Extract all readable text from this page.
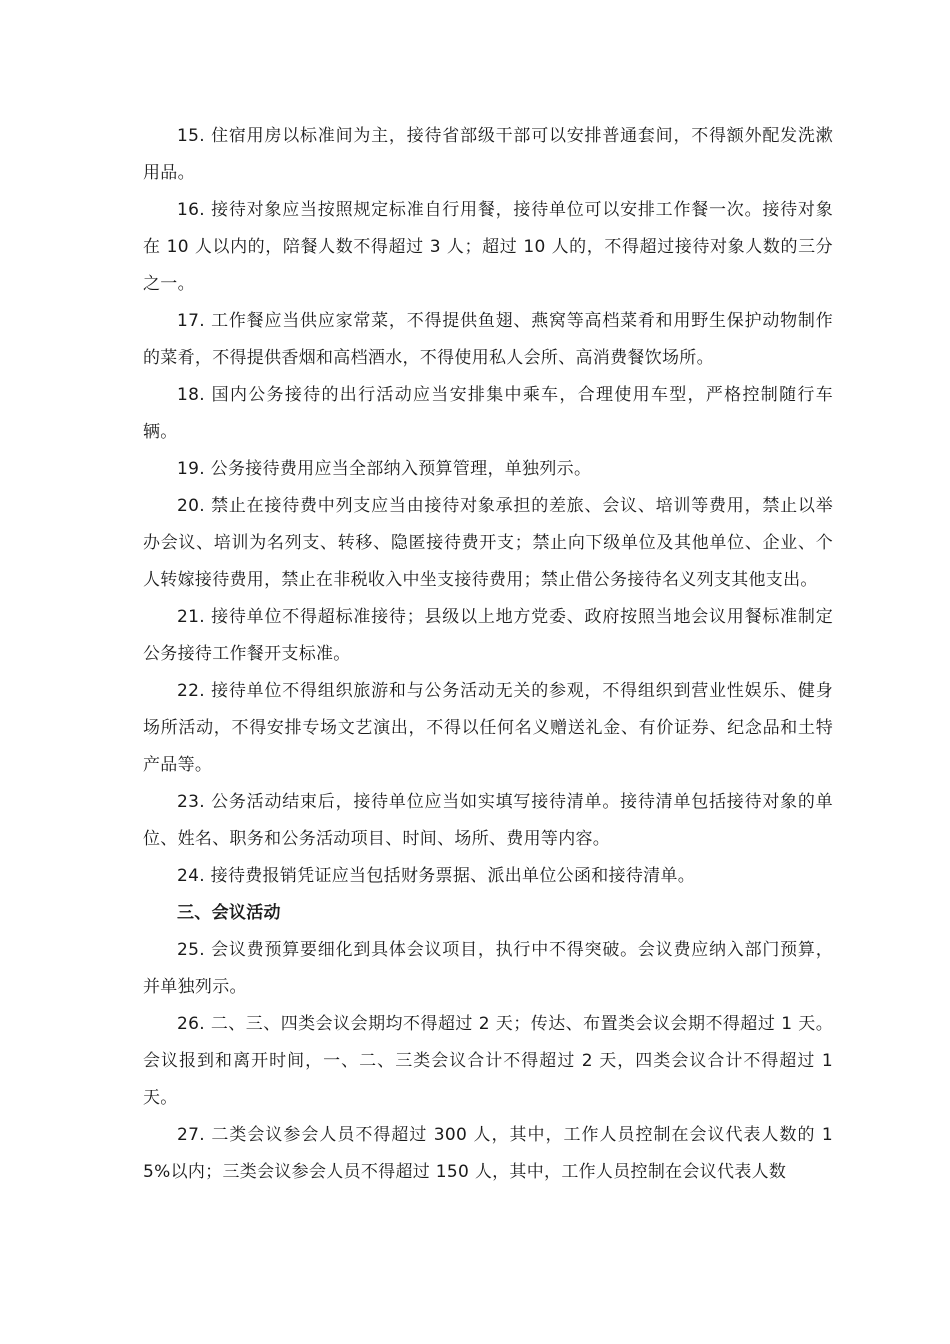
15. 住宿用房以标准间为主，接待省部级干部可以安排普通套间，不得额外配发洗漱用品。

16. 接待对象应当按照规定标准自行用餐，接待单位可以安排工作餐一次。接待对象在 10 人以内的，陪餐人数不得超过 3 人；超过 10 人的，不得超过接待对象人数的三分之一。

17. 工作餐应当供应家常菜，不得提供鱼翅、燕窝等高档菜肴和用野生保护动物制作的菜肴，不得提供香烟和高档酒水，不得使用私人会所、高消费餐饮场所。

18. 国内公务接待的出行活动应当安排集中乘车，合理使用车型，严格控制随行车辆。

19. 公务接待费用应当全部纳入预算管理，单独列示。

20. 禁止在接待费中列支应当由接待对象承担的差旅、会议、培训等费用，禁止以举办会议、培训为名列支、转移、隐匿接待费开支；禁止向下级单位及其他单位、企业、个人转嫁接待费用，禁止在非税收入中坐支接待费用；禁止借公务接待名义列支其他支出。

21. 接待单位不得超标准接待；县级以上地方党委、政府按照当地会议用餐标准制定公务接待工作餐开支标准。

22. 接待单位不得组织旅游和与公务活动无关的参观，不得组织到营业性娱乐、健身场所活动，不得安排专场文艺演出，不得以任何名义赠送礼金、有价证券、纪念品和土特产品等。

23. 公务活动结束后，接待单位应当如实填写接待清单。接待清单包括接待对象的单位、姓名、职务和公务活动项目、时间、场所、费用等内容。

24. 接待费报销凭证应当包括财务票据、派出单位公函和接待清单。

三、会议活动

25. 会议费预算要细化到具体会议项目，执行中不得突破。会议费应纳入部门预算，并单独列示。

26. 二、三、四类会议会期均不得超过 2 天；传达、布置类会议会期不得超过 1 天。会议报到和离开时间，一、二、三类会议合计不得超过 2 天，四类会议合计不得超过 1 天。

27. 二类会议参会人员不得超过 300 人，其中，工作人员控制在会议代表人数的 15%以内；三类会议参会人员不得超过 150 人，其中，工作人员控制在会议代表人数
